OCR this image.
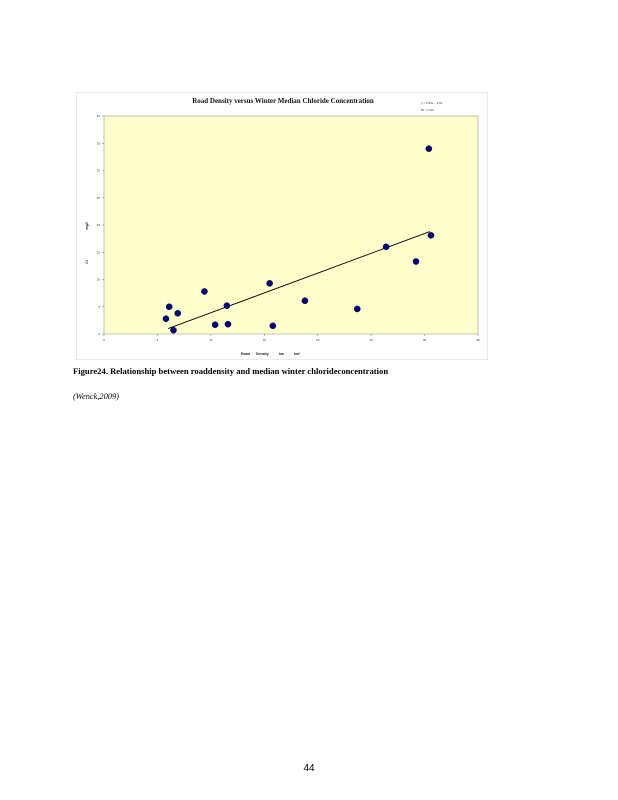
Road Density versus Winter Median Chloride Concentration	y = 0.69x − 3.61
R² = 0.60
0
5
10
15
20
25
30
35
40
0	5	10	15	20	25	30	35
mg/l
Cl
Road Density	km	km²
Figure24. Relationship between roaddensity and median winter chlorideconcentration
(Wenck,2009)
44
